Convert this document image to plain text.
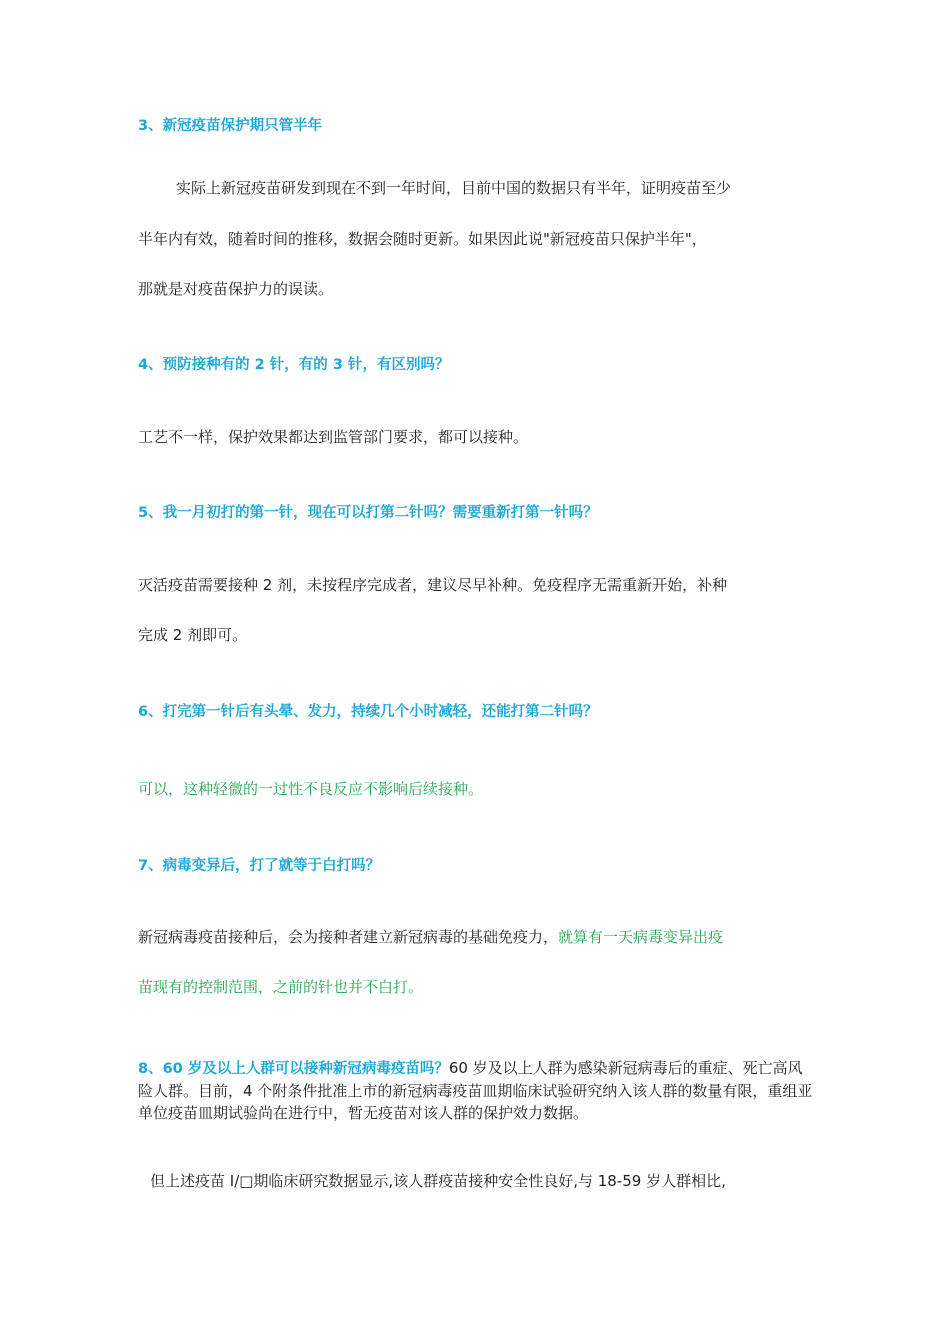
3、新冠疫苗保护期只管半年
实际上新冠疫苗研发到现在不到一年时间，目前中国的数据只有半年，证明疫苗至少
半年内有效，随着时间的推移，数据会随时更新。如果因此说"新冠疫苗只保护半年"，
那就是对疫苗保护力的误读。
4、预防接种有的 2 针，有的 3 针，有区别吗？
工艺不一样，保护效果都达到监管部门要求，都可以接种。
5、我一月初打的第一针，现在可以打第二针吗？需要重新打第一针吗？
灭活疫苗需要接种 2 剂，未按程序完成者，建议尽早补种。免疫程序无需重新开始，补种
完成 2 剂即可。
6、打完第一针后有头晕、发力，持续几个小时减轻，还能打第二针吗？
可以，这种轻微的一过性不良反应不影响后续接种。
7、病毒变异后，打了就等于白打吗？
新冠病毒疫苗接种后，会为接种者建立新冠病毒的基础免疫力，就算有一天病毒变异出疫
苗现有的控制范围，之前的针也并不白打。
8、60 岁及以上人群可以接种新冠病毒疫苗吗？60 岁及以上人群为感染新冠病毒后的重症、死亡高风险人群。目前，4 个附条件批准上市的新冠病毒疫苗皿期临床试验研究纳入该人群的数量有限，重组亚单位疫苗皿期试验尚在进行中，暂无疫苗对该人群的保护效力数据。
但上述疫苗 Ⅰ/□期临床研究数据显示,该人群疫苗接种安全性良好,与 18-59 岁人群相比,
